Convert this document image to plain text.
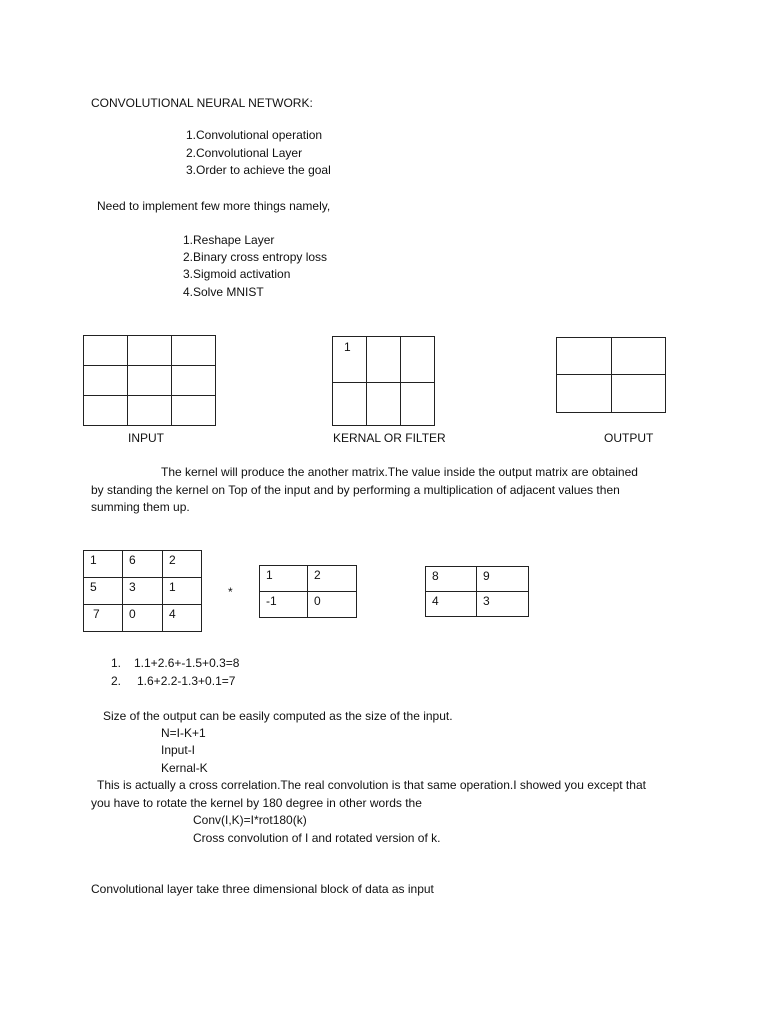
CONVOLUTIONAL NEURAL NETWORK:
1.Convolutional operation
2.Convolutional Layer
3.Order to achieve the goal
Need to implement few more things namely,
1.Reshape Layer
2.Binary cross entropy loss
3.Sigmoid activation
4.Solve MNIST

1		

INPUT	KERNAL OR FILTER	OUTPUT
The kernel will produce the another matrix.The value inside the output matrix are obtained
by standing the kernel on Top of the input and by performing a multiplication of adjacent values then
summing them up.
1	6	2
5	3	1
7	0	4
*
1	2
-1	0
8	9
4	3
1. 1.1+2.6+-1.5+0.3=8
2. 1.6+2.2-1.3+0.1=7
Size of the output can be easily computed as the size of the input.
N=I-K+1
Input-I
Kernal-K
This is actually a cross correlation.The real convolution is that same operation.I showed you except that
you have to rotate the kernel by 180 degree in other words the
Conv(I,K)=I*rot180(k)
Cross convolution of I and rotated version of k.
Convolutional layer take three dimensional block of data as input
